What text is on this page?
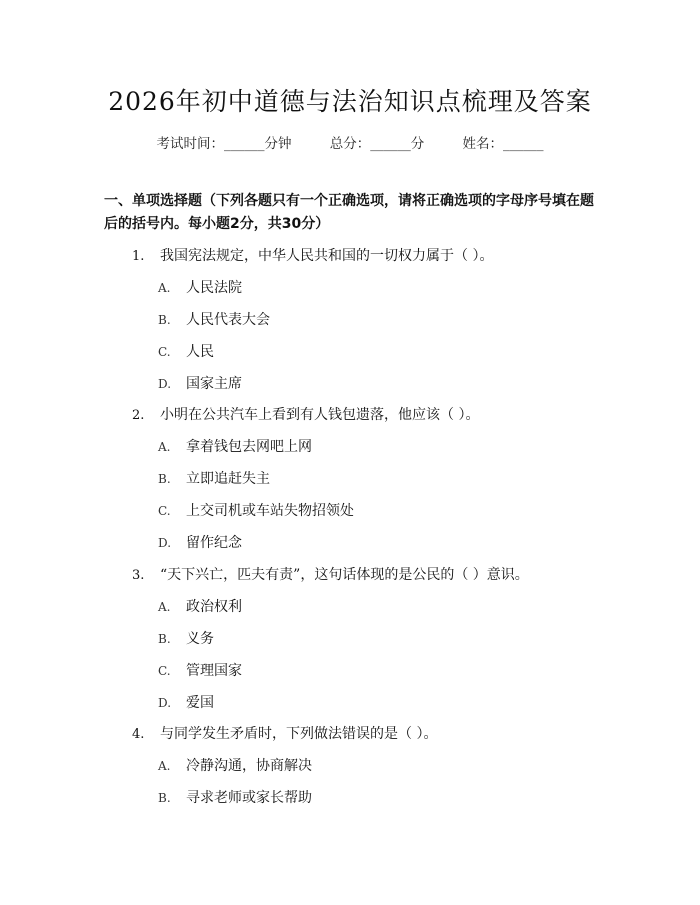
2026年初中道德与法治知识点梳理及答案
考试时间：______分钟	总分：______分	姓名：______
一、单项选择题（下列各题只有一个正确选项，请将正确选项的字母序号填在题后的括号内。每小题2分，共30分）
1. 我国宪法规定，中华人民共和国的一切权力属于（ ）。
A. 人民法院
B. 人民代表大会
C. 人民
D. 国家主席
2. 小明在公共汽车上看到有人钱包遗落，他应该（ ）。
A. 拿着钱包去网吧上网
B. 立即追赶失主
C. 上交司机或车站失物招领处
D. 留作纪念
3. “天下兴亡，匹夫有责”，这句话体现的是公民的（ ）意识。
A. 政治权利
B. 义务
C. 管理国家
D. 爱国
4. 与同学发生矛盾时，下列做法错误的是（ ）。
A. 冷静沟通，协商解决
B. 寻求老师或家长帮助
